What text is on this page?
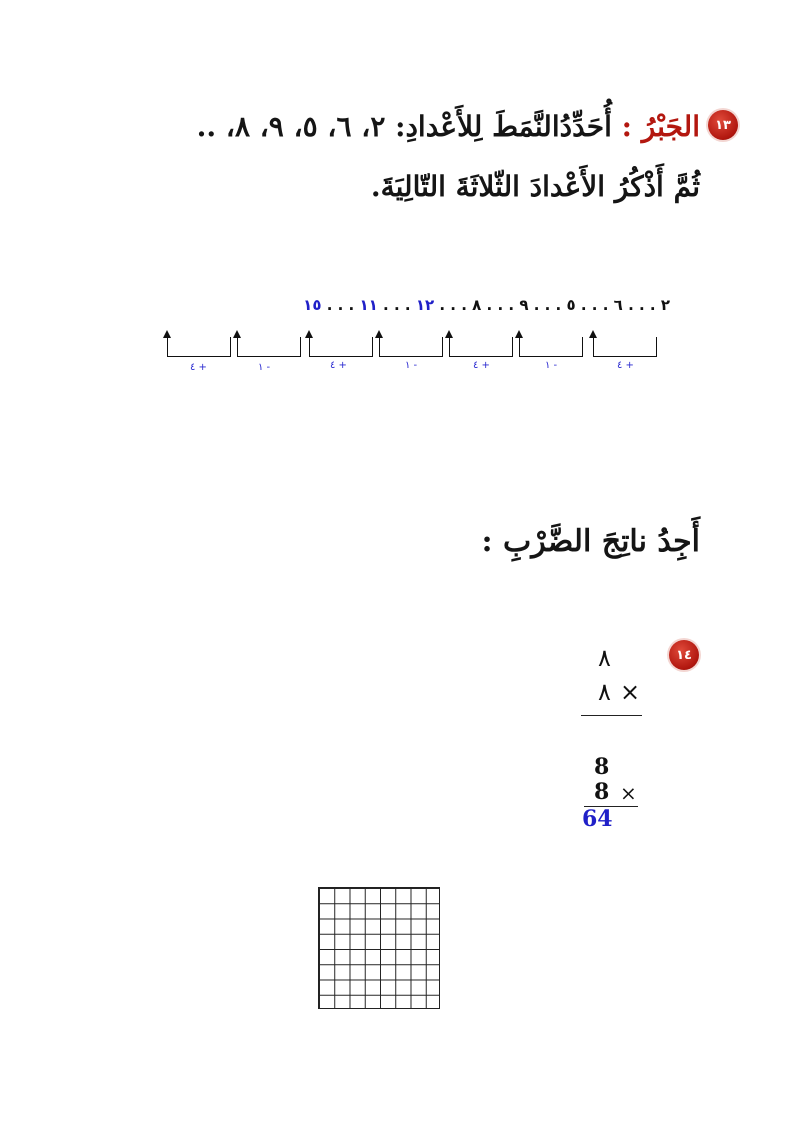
١٣
الجَبْرُ : أُحَدِّدُالنَّمَطَ لِلأَعْدادِ: ٢، ٦، ٥، ٩، ٨، ..
ثُمَّ أَذْكُرُ الأَعْدادَ الثّلاثَةَ التّالِيَةَ.
٢ . . . ٦ . . . ٥ . . . ٩ . . . ٨ . . . ١٢ . . . ١١ . . . ١٥
+ ٤
- ١
+ ٤
- ١
+ ٤
- ١
+ ٤
أَجِدُ ناتِجَ الضَّرْبِ :
١٤
٨
٨ ×
8
8 ×
64
